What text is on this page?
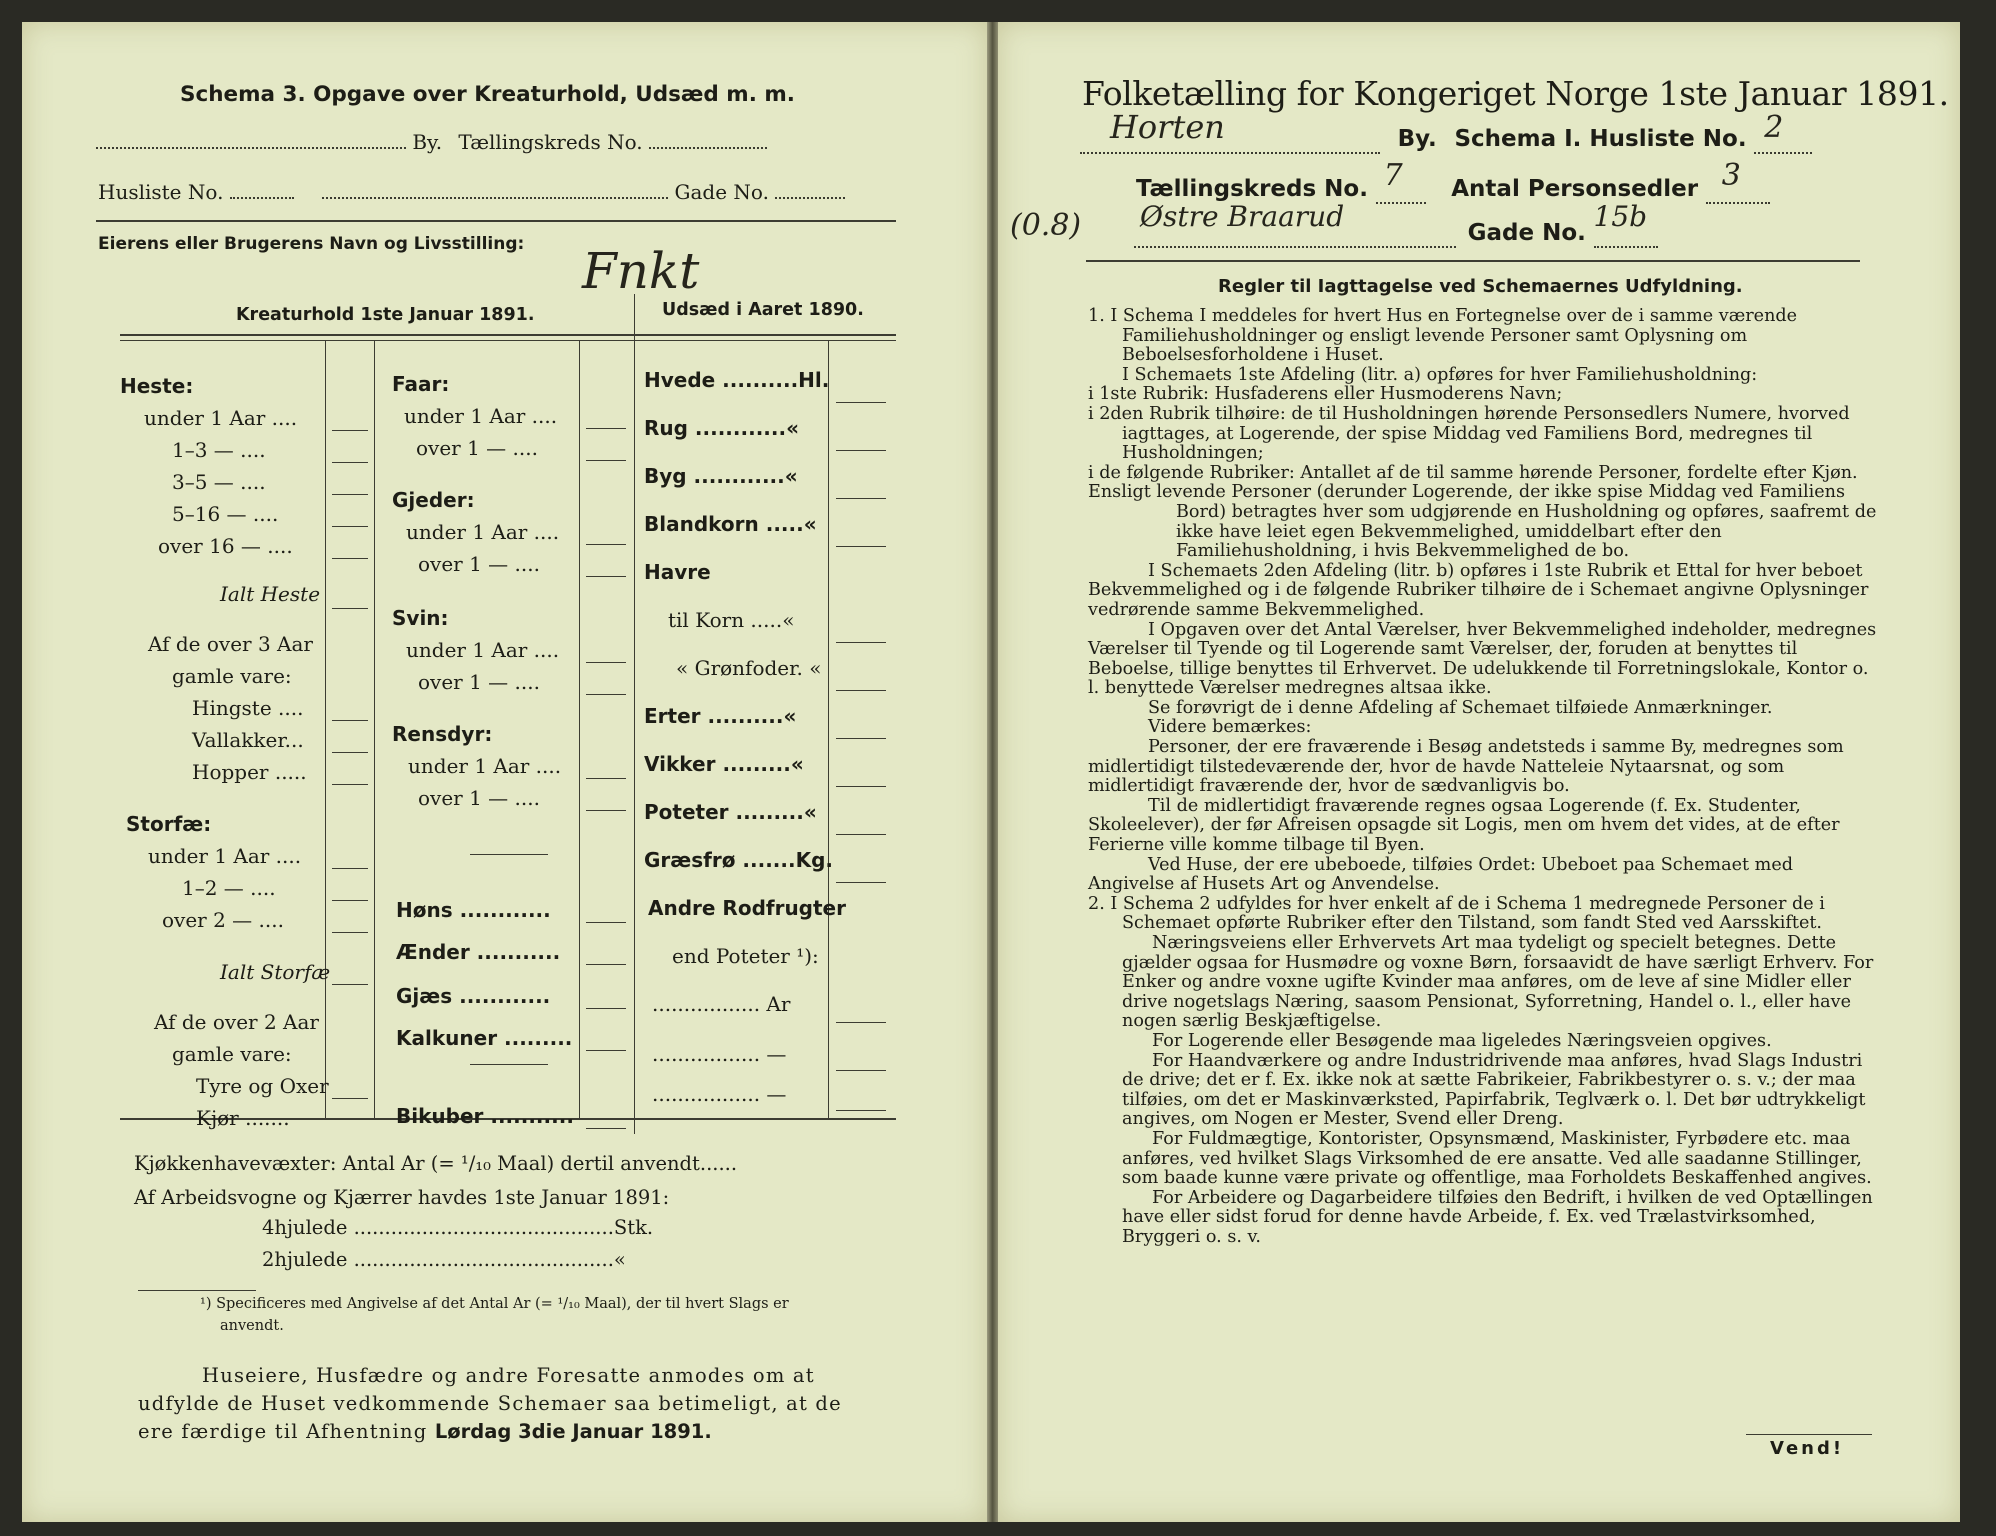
Schema 3. Opgave over Kreaturhold, Udsæd m. m.
By. Tællingskreds No.
Husliste No.	Gade No.
Eierens eller Brugerens Navn og Livsstilling: Fnkt
Kreaturhold 1ste Januar 1891.	Udsæd i Aaret 1890.
Heste:
under 1 Aar ....
1–3 — ....
3–5 — ....
5–16 — ....
over 16 — ....
Ialt Heste
Af de over 3 Aar
gamle vare:
Hingste ....
Vallakker...
Hopper .....
Storfæ:
under 1 Aar ....
1–2 — ....
over 2 — ....
Ialt Storfæ
Af de over 2 Aar
gamle vare:
Tyre og Oxer
Kjør .......
Faar:
under 1 Aar ....
over 1 — ....
Gjeder:
under 1 Aar ....
over 1 — ....
Svin:
under 1 Aar ....
over 1 — ....
Rensdyr:
under 1 Aar ....
over 1 — ....
Høns ............
Ænder ...........
Gjæs ............
Kalkuner .........
Bikuber ...........
Hvede ..........Hl.
Rug ............«
Byg ............«
Blandkorn .....«
Havre
til Korn .....«
« Grønfoder. «
Erter ..........«
Vikker .........«
Poteter .........«
Græsfrø .......Kg.
Andre Rodfrugter
end Poteter ¹):
................. Ar
................. —
................. —
Kjøkkenhavevæxter: Antal Ar (= ¹/₁₀ Maal) dertil anvendt......
Af Arbeidsvogne og Kjærrer havdes 1ste Januar 1891:
4hjulede ..........................................Stk.
2hjulede ..........................................«
¹) Specificeres med Angivelse af det Antal Ar (= ¹/₁₀ Maal), der til hvert Slags er
anvendt.
Huseiere, Husfædre og andre Foresatte anmodes om at
udfylde de Huset vedkommende Schemaer saa betimeligt, at de
ere færdige til Afhentning Lørdag 3die Januar 1891.
Folketælling for Kongeriget Norge 1ste Januar 1891.
Horten	By. Schema I. Husliste No. 2

Tællingskreds No. 7 Antal Personsedler 3

(0.8) Østre Braarud	Gade No. 15b

Regler til Iagttagelse ved Schemaernes Udfyldning.

1. I Schema I meddeles for hvert Hus en Fortegnelse over de i samme værende Familiehusholdninger og ensligt levende Personer samt Oplysning om Beboelsesforholdene i Huset.

I Schemaets 1ste Afdeling (litr. a) opføres for hver Familiehusholdning:

i 1ste Rubrik: Husfaderens eller Husmoderens Navn;

i 2den Rubrik tilhøire: de til Husholdningen hørende Personsedlers Numere, hvorved iagttages, at Logerende, der spise Middag ved Familiens Bord, medregnes til Husholdningen;

i de følgende Rubriker: Antallet af de til samme hørende Personer, fordelte efter Kjøn.

Ensligt levende Personer (derunder Logerende, der ikke spise Middag ved Familiens Bord) betragtes hver som udgjørende en Husholdning og opføres, saafremt de ikke have leiet egen Bekvemmelighed, umiddelbart efter den Familiehusholdning, i hvis Bekvemmelighed de bo.

I Schemaets 2den Afdeling (litr. b) opføres i 1ste Rubrik et Ettal for hver beboet Bekvemmelighed og i de følgende Rubriker tilhøire de i Schemaet angivne Oplysninger vedrørende samme Bekvemmelighed.

I Opgaven over det Antal Værelser, hver Bekvemmelighed indeholder, medregnes Værelser til Tyende og til Logerende samt Værelser, der, foruden at benyttes til Beboelse, tillige benyttes til Erhvervet. De udelukkende til Forretningslokale, Kontor o. l. benyttede Værelser medregnes altsaa ikke.

Se forøvrigt de i denne Afdeling af Schemaet tilføiede Anmærkninger.

Videre bemærkes:

Personer, der ere fraværende i Besøg andetsteds i samme By, medregnes som midlertidigt tilstedeværende der, hvor de havde Natteleie Nytaarsnat, og som midlertidigt fraværende der, hvor de sædvanligvis bo.

Til de midlertidigt fraværende regnes ogsaa Logerende (f. Ex. Studenter, Skoleelever), der før Afreisen opsagde sit Logis, men om hvem det vides, at de efter Ferierne ville komme tilbage til Byen.

Ved Huse, der ere ubeboede, tilføies Ordet: Ubeboet paa Schemaet med Angivelse af Husets Art og Anvendelse.

2. I Schema 2 udfyldes for hver enkelt af de i Schema 1 medregnede Personer de i Schemaet opførte Rubriker efter den Tilstand, som fandt Sted ved Aarsskiftet.

Næringsveiens eller Erhvervets Art maa tydeligt og specielt betegnes. Dette gjælder ogsaa for Husmødre og voxne Børn, forsaavidt de have særligt Erhverv. For Enker og andre voxne ugifte Kvinder maa anføres, om de leve af sine Midler eller drive nogetslags Næring, saasom Pensionat, Syforretning, Handel o. l., eller have nogen særlig Beskjæftigelse.

For Logerende eller Besøgende maa ligeledes Næringsveien opgives.

For Haandværkere og andre Industridrivende maa anføres, hvad Slags Industri de drive; det er f. Ex. ikke nok at sætte Fabrikeier, Fabrikbestyrer o. s. v.; der maa tilføies, om det er Maskinværksted, Papirfabrik, Teglværk o. l. Det bør udtrykkeligt angives, om Nogen er Mester, Svend eller Dreng.

For Fuldmægtige, Kontorister, Opsynsmænd, Maskinister, Fyrbødere etc. maa anføres, ved hvilket Slags Virksomhed de ere ansatte. Ved alle saadanne Stillinger, som baade kunne være private og offentlige, maa Forholdets Beskaffenhed angives.

For Arbeidere og Dagarbeidere tilføies den Bedrift, i hvilken de ved Optællingen have eller sidst forud for denne havde Arbeide, f. Ex. ved Trælastvirksomhed, Bryggeri o. s. v.

Vend!
